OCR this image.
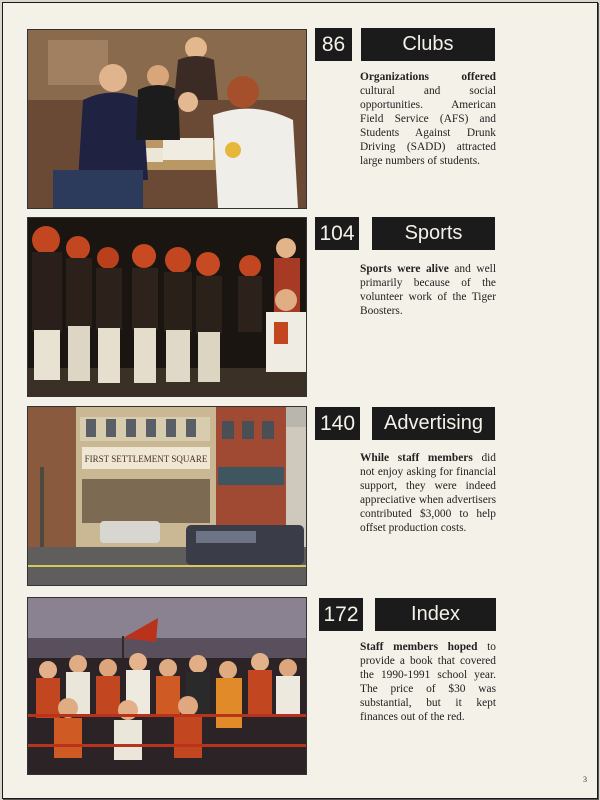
86	Clubs
Organizations offered cultural and social opportunities. American Field Service (AFS) and Students Against Drunk Driving (SADD) attracted large numbers of students.
104	Sports
Sports were alive and well primarily because of the volunteer work of the Tiger Boosters.
FIRST SETTLEMENT SQUARE
140	Advertising
While staff members did not enjoy asking for financial support, they were indeed appreciative when advertisers contributed $3,000 to help offset production costs.
172	Index
Staff members hoped to provide a book that covered the 1990-1991 school year. The price of $30 was substantial, but it kept finances out of the red.
3
